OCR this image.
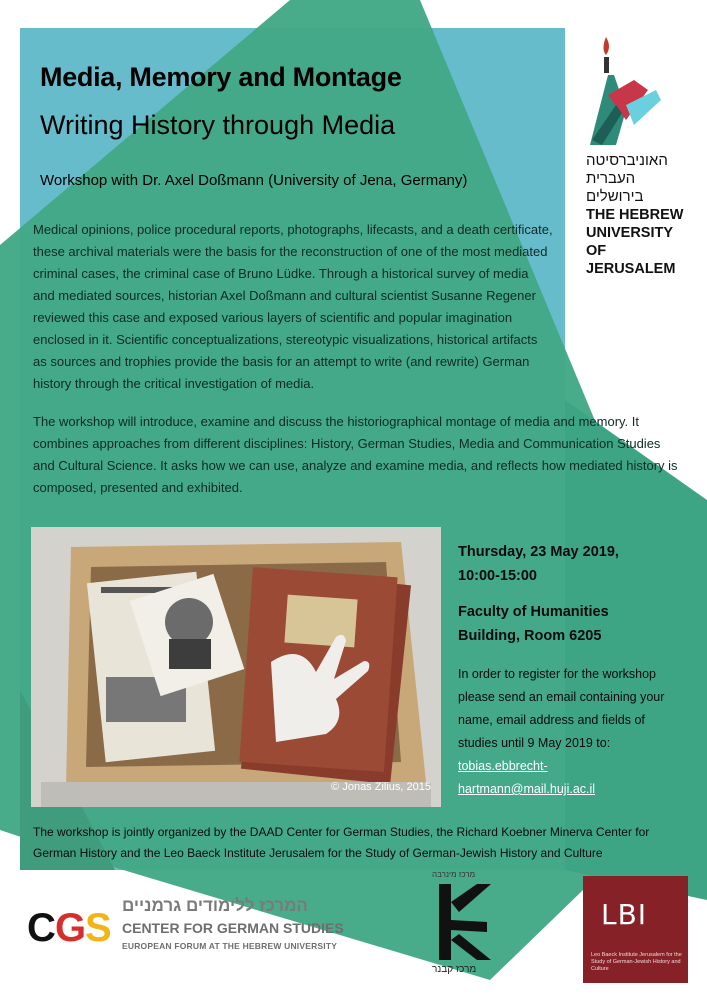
Media, Memory and Montage
Writing History through Media
Workshop with Dr. Axel Doßmann (University of Jena, Germany)
Medical opinions, police procedural reports, photographs, lifecasts, and a death certificate, these archival materials were the basis for the reconstruction of one of the most mediated criminal cases, the criminal case of Bruno Lüdke. Through a historical survey of media and mediated sources, historian Axel Doßmann and cultural scientist Susanne Regener reviewed this case and exposed various layers of scientific and popular imagination enclosed in it. Scientific conceptualizations, stereotypic visualizations, historical artifacts as sources and trophies provide the basis for an attempt to write (and rewrite) German history through the critical investigation of media.
The workshop will introduce, examine and discuss the historiographical montage of media and memory. It combines approaches from different disciplines: History, German Studies, Media and Communication Studies and Cultural Science. It asks how we can use, analyze and examine media, and reflects how mediated history is composed, presented and exhibited.
האוניברסיטה
העברית
בירושלים
THE HEBREW
UNIVERSITY
OF JERUSALEM
© Jonas Zilius, 2015
Thursday, 23 May 2019,
10:00-15:00
Faculty of Humanities
Building, Room 6205
In order to register for the workshop please send an email containing your name, email address and fields of studies until 9 May 2019 to: tobias.ebbrecht-hartmann@mail.huji.ac.il
The workshop is jointly organized by the DAAD Center for German Studies, the Richard Koebner Minerva Center for German History and the Leo Baeck Institute Jerusalem for the Study of German-Jewish History and Culture
C G
S
המרכז ללימודים גרמניים
CENTER FOR GERMAN STUDIES
EUROPEAN FORUM AT THE HEBREW UNIVERSITY
מרכז מינרבה
מרכז קבנר
LBI
Leo Baeck Institute Jerusalem for the Study of German-Jewish History and Culture
